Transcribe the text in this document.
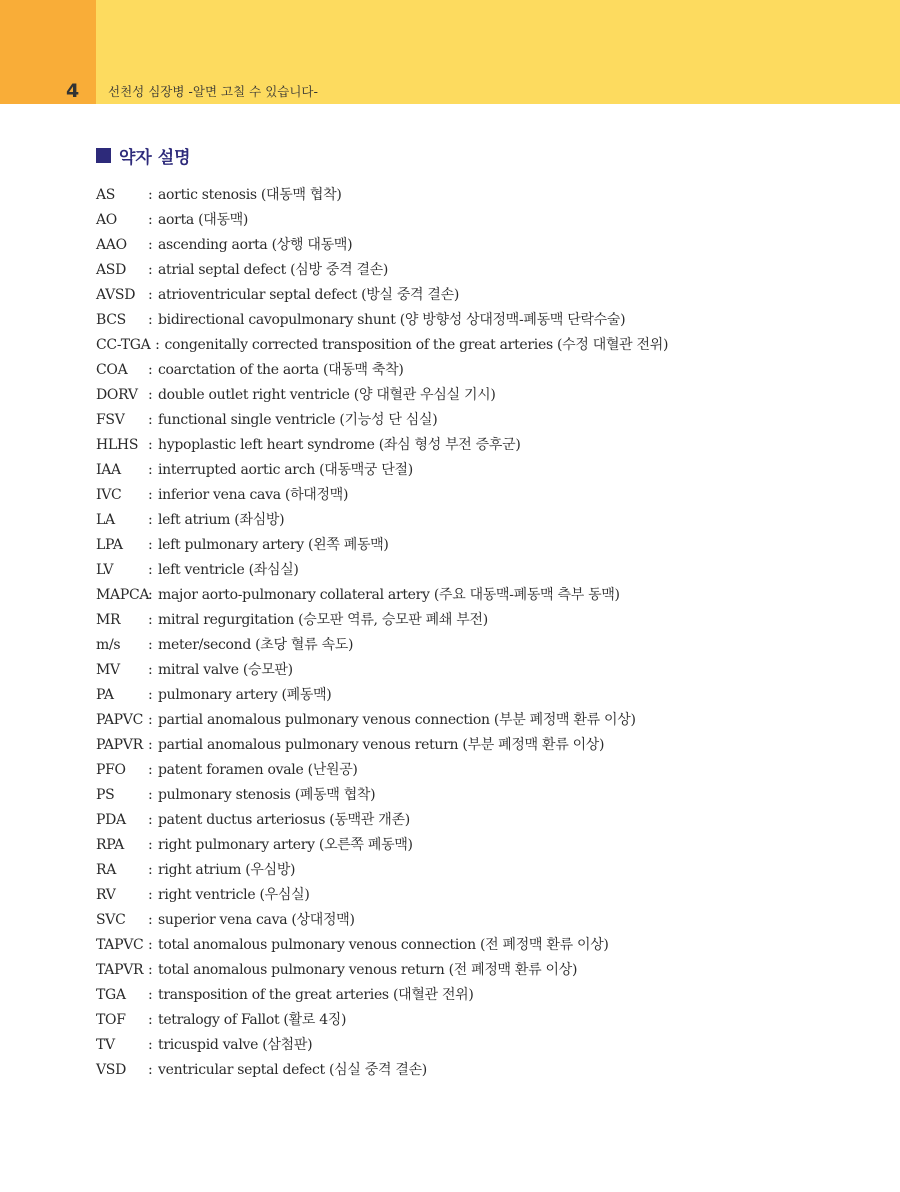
4 선천성 심장병 -알면 고칠 수 있습니다-
약자 설명
AS : aortic stenosis (대동맥 협착)
AO : aorta (대동맥)
AAO : ascending aorta (상행 대동맥)
ASD : atrial septal defect (심방 중격 결손)
AVSD : atrioventricular septal defect (방실 중격 결손)
BCS : bidirectional cavopulmonary shunt (양 방향성 상대정맥-폐동맥 단락수술)
CC-TGA : congenitally corrected transposition of the great arteries (수정 대혈관 전위)
COA : coarctation of the aorta (대동맥 축착)
DORV : double outlet right ventricle (양 대혈관 우심실 기시)
FSV : functional single ventricle (기능성 단 심실)
HLHS : hypoplastic left heart syndrome (좌심 형성 부전 증후군)
IAA : interrupted aortic arch (대동맥궁 단절)
IVC : inferior vena cava (하대정맥)
LA : left atrium (좌심방)
LPA : left pulmonary artery (왼쪽 폐동맥)
LV : left ventricle (좌심실)
MAPCA: major aorto-pulmonary collateral artery (주요 대동맥-폐동맥 측부 동맥)
MR : mitral regurgitation (승모판 역류, 승모판 폐쇄 부전)
m/s : meter/second (초당 혈류 속도)
MV : mitral valve (승모판)
PA : pulmonary artery (폐동맥)
PAPVC : partial anomalous pulmonary venous connection (부분 폐정맥 환류 이상)
PAPVR : partial anomalous pulmonary venous return (부분 폐정맥 환류 이상)
PFO : patent foramen ovale (난원공)
PS : pulmonary stenosis (폐동맥 협착)
PDA : patent ductus arteriosus (동맥관 개존)
RPA : right pulmonary artery (오른쪽 폐동맥)
RA : right atrium (우심방)
RV : right ventricle (우심실)
SVC : superior vena cava (상대정맥)
TAPVC : total anomalous pulmonary venous connection (전 폐정맥 환류 이상)
TAPVR : total anomalous pulmonary venous return (전 폐정맥 환류 이상)
TGA : transposition of the great arteries (대혈관 전위)
TOF : tetralogy of Fallot (활로 4징)
TV : tricuspid valve (삼첨판)
VSD : ventricular septal defect (심실 중격 결손)
